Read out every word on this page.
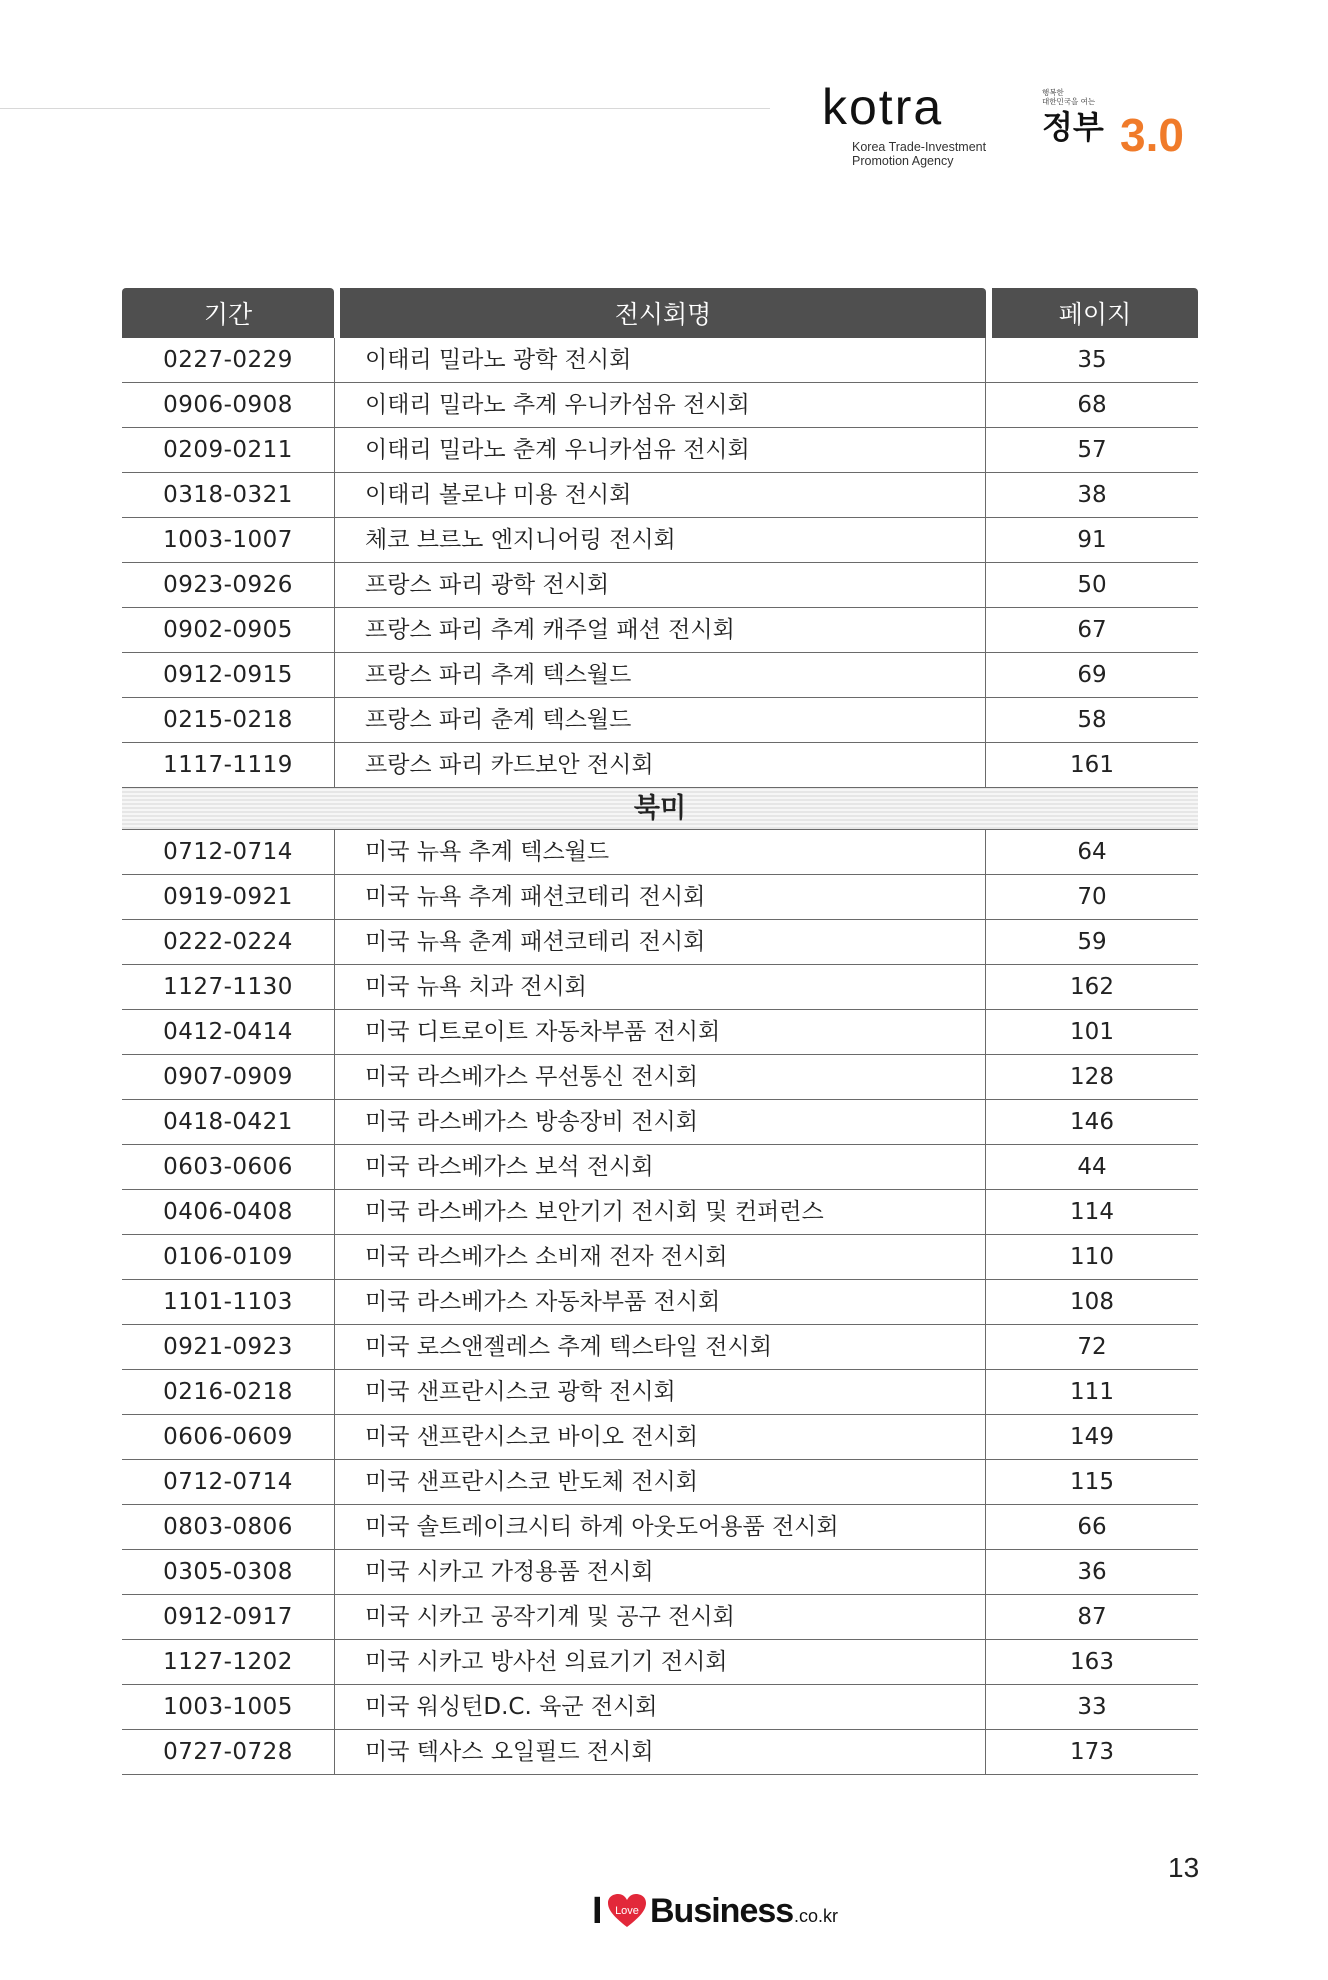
kotra
Korea Trade-Investment
Promotion Agency
행복한
대한민국을 여는
정부 3.0
기간	전시회명	페이지
0227-0229	이태리 밀라노 광학 전시회	35
0906-0908	이태리 밀라노 추계 우니카섬유 전시회	68
0209-0211	이태리 밀라노 춘계 우니카섬유 전시회	57
0318-0321	이태리 볼로냐 미용 전시회	38
1003-1007	체코 브르노 엔지니어링 전시회	91
0923-0926	프랑스 파리 광학 전시회	50
0902-0905	프랑스 파리 추계 캐주얼 패션 전시회	67
0912-0915	프랑스 파리 추계 텍스월드	69
0215-0218	프랑스 파리 춘계 텍스월드	58
1117-1119	프랑스 파리 카드보안 전시회	161
북미		
0712-0714	미국 뉴욕 추계 텍스월드	64
0919-0921	미국 뉴욕 추계 패션코테리 전시회	70
0222-0224	미국 뉴욕 춘계 패션코테리 전시회	59
1127-1130	미국 뉴욕 치과 전시회	162
0412-0414	미국 디트로이트 자동차부품 전시회	101
0907-0909	미국 라스베가스 무선통신 전시회	128
0418-0421	미국 라스베가스 방송장비 전시회	146
0603-0606	미국 라스베가스 보석 전시회	44
0406-0408	미국 라스베가스 보안기기 전시회 및 컨퍼런스	114
0106-0109	미국 라스베가스 소비재 전자 전시회	110
1101-1103	미국 라스베가스 자동차부품 전시회	108
0921-0923	미국 로스앤젤레스 추계 텍스타일 전시회	72
0216-0218	미국 샌프란시스코 광학 전시회	111
0606-0609	미국 샌프란시스코 바이오 전시회	149
0712-0714	미국 샌프란시스코 반도체 전시회	115
0803-0806	미국 솔트레이크시티 하계 아웃도어용품 전시회	66
0305-0308	미국 시카고 가정용품 전시회	36
0912-0917	미국 시카고 공작기계 및 공구 전시회	87
1127-1202	미국 시카고 방사선 의료기기 전시회	163
1003-1005	미국 워싱턴D.C. 육군 전시회	33
0727-0728	미국 텍사스 오일필드 전시회	173
13
I Love Business .co.kr
